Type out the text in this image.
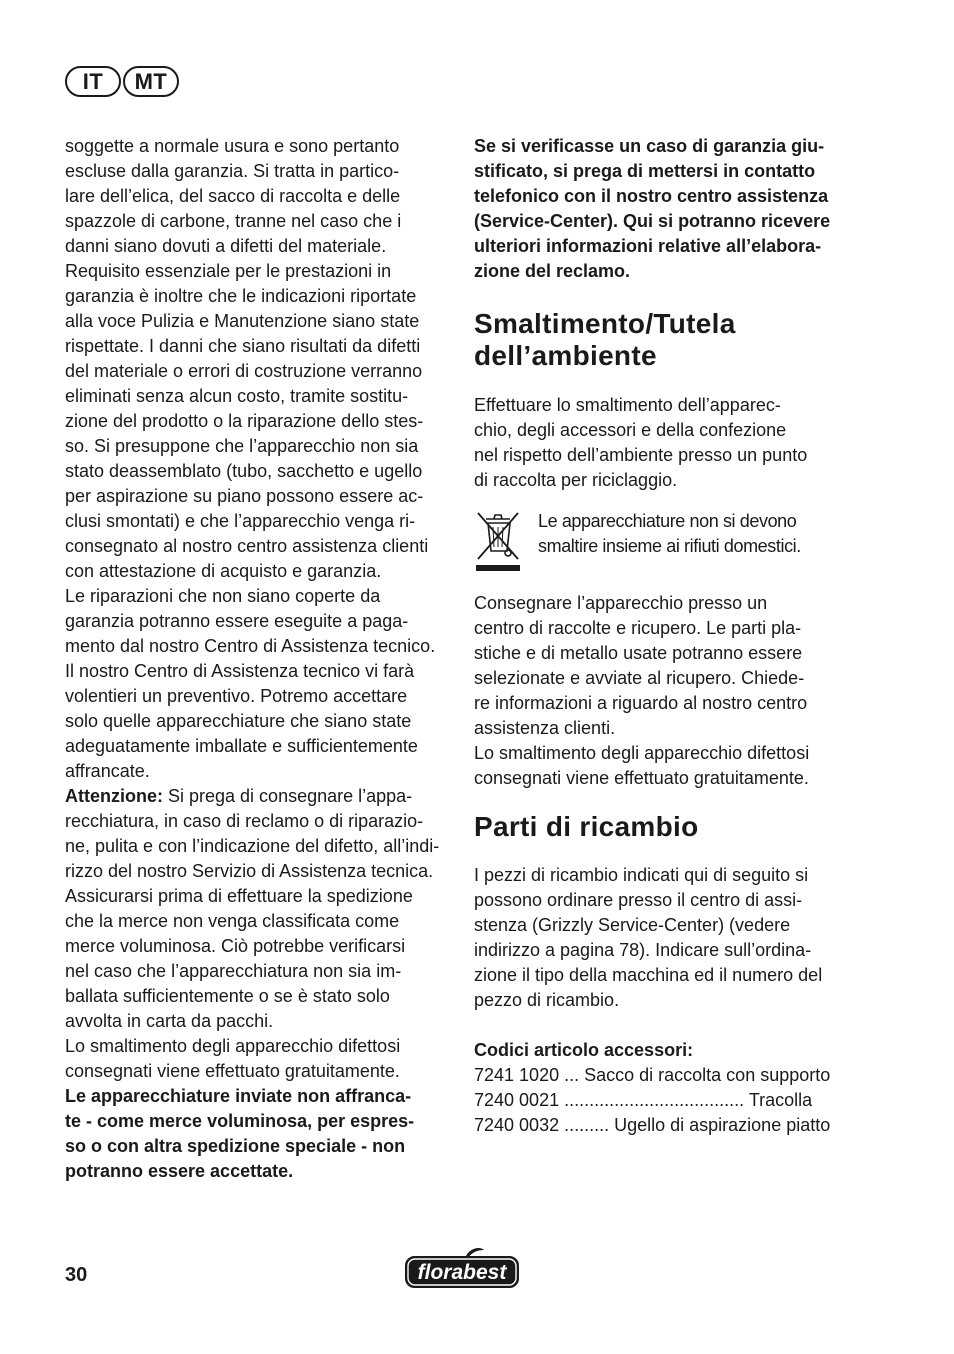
IT	MT
soggette a normale usura e sono pertanto
escluse dalla garanzia. Si tratta in partico-
lare dell’elica, del sacco di raccolta e delle
spazzole di carbone, tranne nel caso che i
danni siano dovuti a difetti del materiale.
Requisito essenziale per le prestazioni in
garanzia è inoltre che le indicazioni riportate
alla voce Pulizia e Manutenzione siano state
rispettate. I danni che siano risultati da difetti
del materiale o errori di costruzione verranno
eliminati senza alcun costo, tramite sostitu-
zione del prodotto o la riparazione dello stes-
so. Si presuppone che l’apparecchio non sia
stato deassemblato (tubo, sacchetto e ugello
per aspirazione su piano possono essere ac-
clusi smontati) e che l’apparecchio venga ri-
consegnato al nostro centro assistenza clienti
con attestazione di acquisto e garanzia.
Le riparazioni che non siano coperte da
garanzia potranno essere eseguite a paga-
mento dal nostro Centro di Assistenza tecnico.
Il nostro Centro di Assistenza tecnico vi farà
volentieri un preventivo. Potremo accettare
solo quelle apparecchiature che siano state
adeguatamente imballate e sufficientemente
affrancate.
Attenzione: Si prega di consegnare l’appa-
recchiatura, in caso di reclamo o di riparazio-
ne, pulita e con l’indicazione del difetto, all’indi-
rizzo del nostro Servizio di Assistenza tecnica.
Assicurarsi prima di effettuare la spedizione
che la merce non venga classificata come
merce voluminosa. Ciò potrebbe verificarsi
nel caso che l’apparecchiatura non sia im-
ballata sufficientemente o se è stato solo
avvolta in carta da pacchi.
Lo smaltimento degli apparecchio difettosi
consegnati viene effettuato gratuitamente.
Le apparecchiature inviate non affranca-
te - come merce voluminosa, per espres-
so o con altra spedizione speciale - non
potranno essere accettate.
Se si verificasse un caso di garanzia giu-
stificato, si prega di mettersi in contatto
telefonico con il nostro centro assistenza
(Service-Center). Qui si potranno ricevere
ulteriori informazioni relative all’elabora-
zione del reclamo.
Smaltimento/Tutela
dell’ambiente
Effettuare lo smaltimento dell’apparec-
chio, degli accessori e della confezione
nel rispetto dell’ambiente presso un punto
di raccolta per riciclaggio.
Le apparecchiature non si devono
smaltire insieme ai rifiuti domestici.
Consegnare l’apparecchio presso un
centro di raccolte e ricupero. Le parti pla-
stiche e di metallo usate potranno essere
selezionate e avviate al ricupero. Chiede-
re informazioni a riguardo al nostro centro
assistenza clienti.
Lo smaltimento degli apparecchio difettosi
consegnati viene effettuato gratuitamente.
Parti di ricambio
I pezzi di ricambio indicati qui di seguito si
possono ordinare presso il centro di assi-
stenza (Grizzly Service-Center) (vedere
indirizzo a pagina 78). Indicare sull’ordina-
zione il tipo della macchina ed il numero del
pezzo di ricambio.
Codici articolo accessori:
7241 1020 ... Sacco di raccolta con supporto
7240 0021 .................................... Tracolla
7240 0032 ......... Ugello di aspirazione piatto
30	florabest
